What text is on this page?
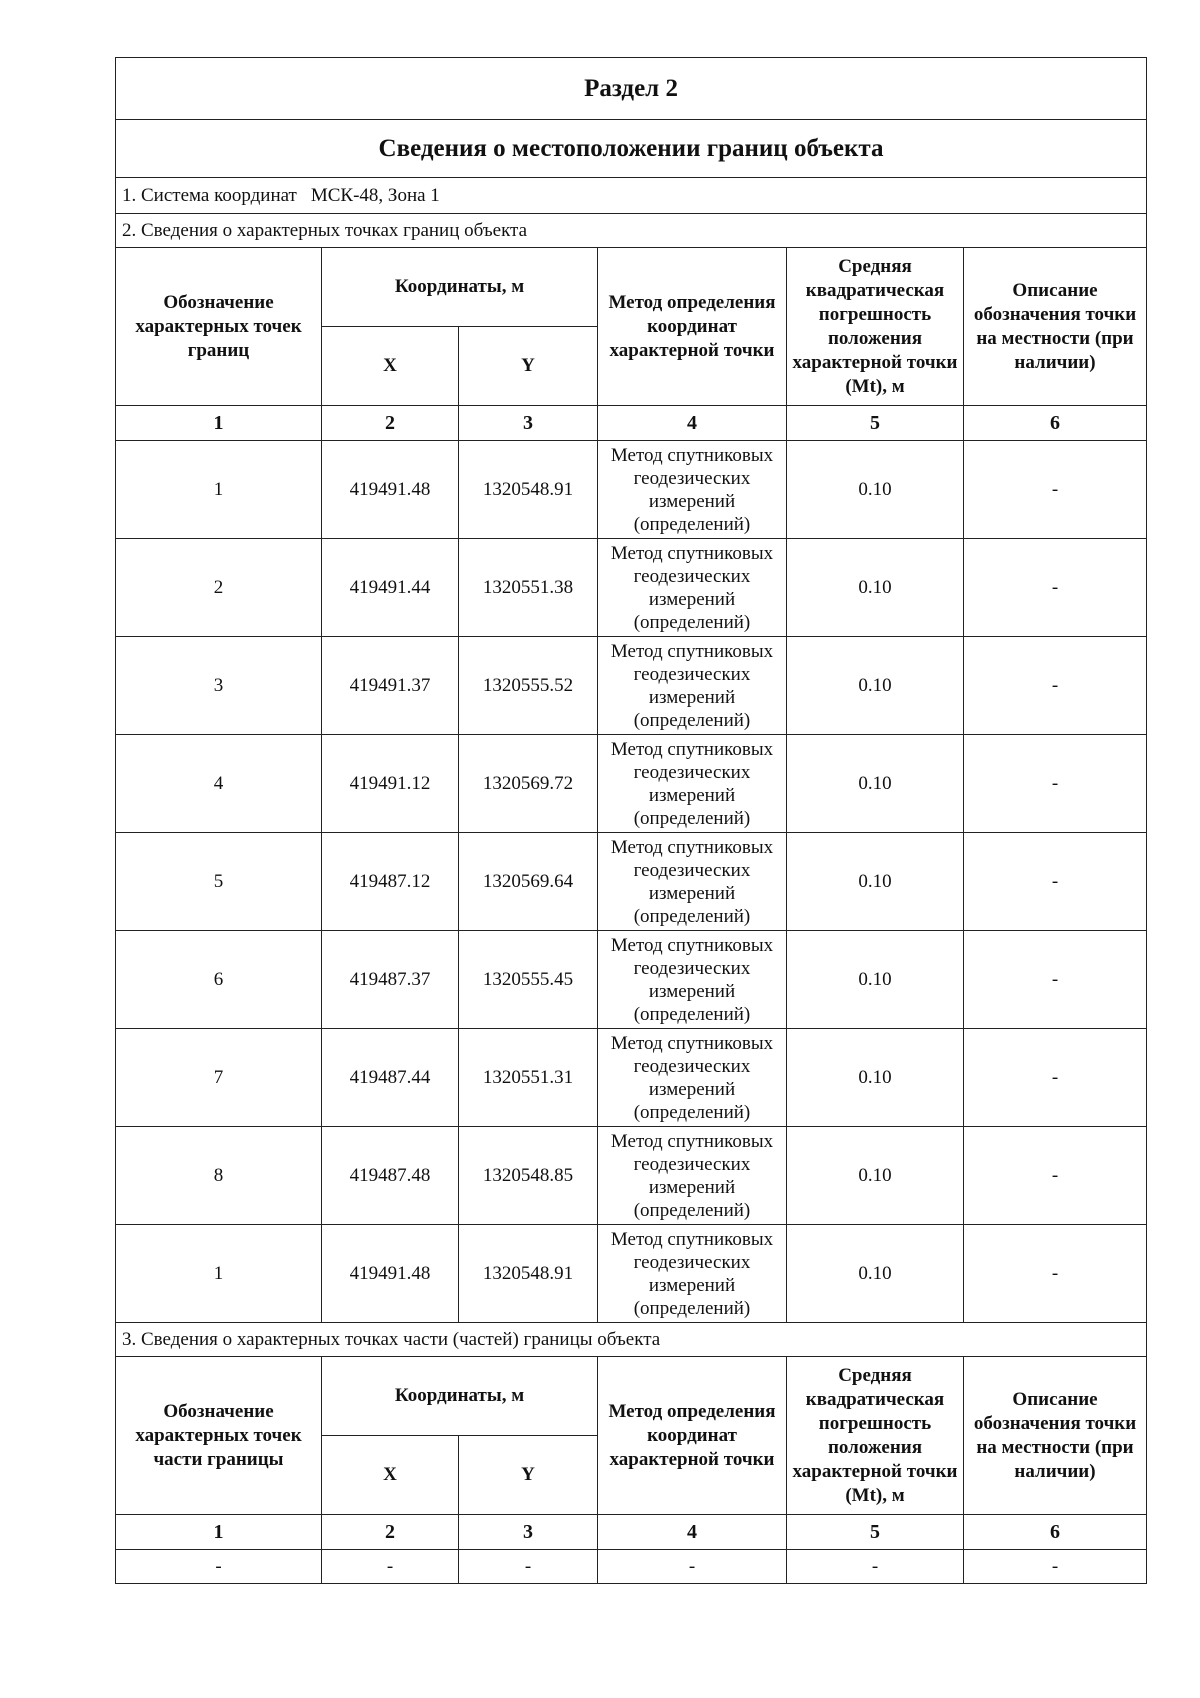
Раздел 2					
Сведения о местоположении границ объекта					
1. Система координат МСК-48, Зона 1					
2. Сведения о характерных точках границ объекта					
Обозначение характерных точек границ	Координаты, м		Метод определения координат характерной точки	Средняя квадратическая погрешность положения характерной точки (Mt), м	Описание обозначения точки на местности (при наличии)
	X	Y			
1	2	3	4	5	6
1	419491.48	1320548.91	Метод спутниковых геодезических измерений (определений)	0.10	-
2	419491.44	1320551.38	Метод спутниковых геодезических измерений (определений)	0.10	-
3	419491.37	1320555.52	Метод спутниковых геодезических измерений (определений)	0.10	-
4	419491.12	1320569.72	Метод спутниковых геодезических измерений (определений)	0.10	-
5	419487.12	1320569.64	Метод спутниковых геодезических измерений (определений)	0.10	-
6	419487.37	1320555.45	Метод спутниковых геодезических измерений (определений)	0.10	-
7	419487.44	1320551.31	Метод спутниковых геодезических измерений (определений)	0.10	-
8	419487.48	1320548.85	Метод спутниковых геодезических измерений (определений)	0.10	-
1	419491.48	1320548.91	Метод спутниковых геодезических измерений (определений)	0.10	-
3. Сведения о характерных точках части (частей) границы объекта					
Обозначение характерных точек части границы	Координаты, м		Метод определения координат характерной точки	Средняя квадратическая погрешность положения характерной точки (Mt), м	Описание обозначения точки на местности (при наличии)
	X	Y			
1	2	3	4	5	6
-	-	-	-	-	-
